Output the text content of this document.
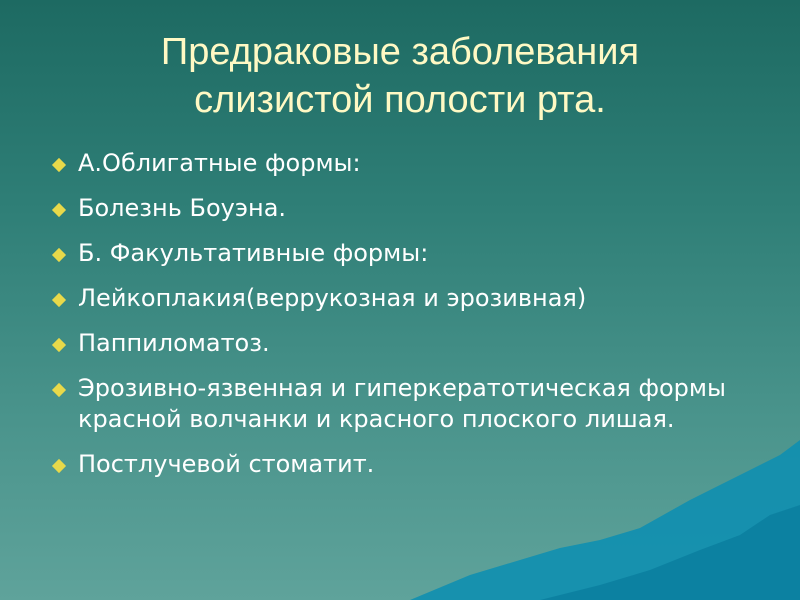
Предраковые заболевания
слизистой полости рта.
А.Облигатные формы:
Болезнь Боуэна.
Б. Факультативные формы:
Лейкоплакия(веррукозная и эрозивная)
Паппиломатоз.
Эрозивно-язвенная и гиперкератотическая формы красной волчанки и красного плоского лишая.
Постлучевой стоматит.
